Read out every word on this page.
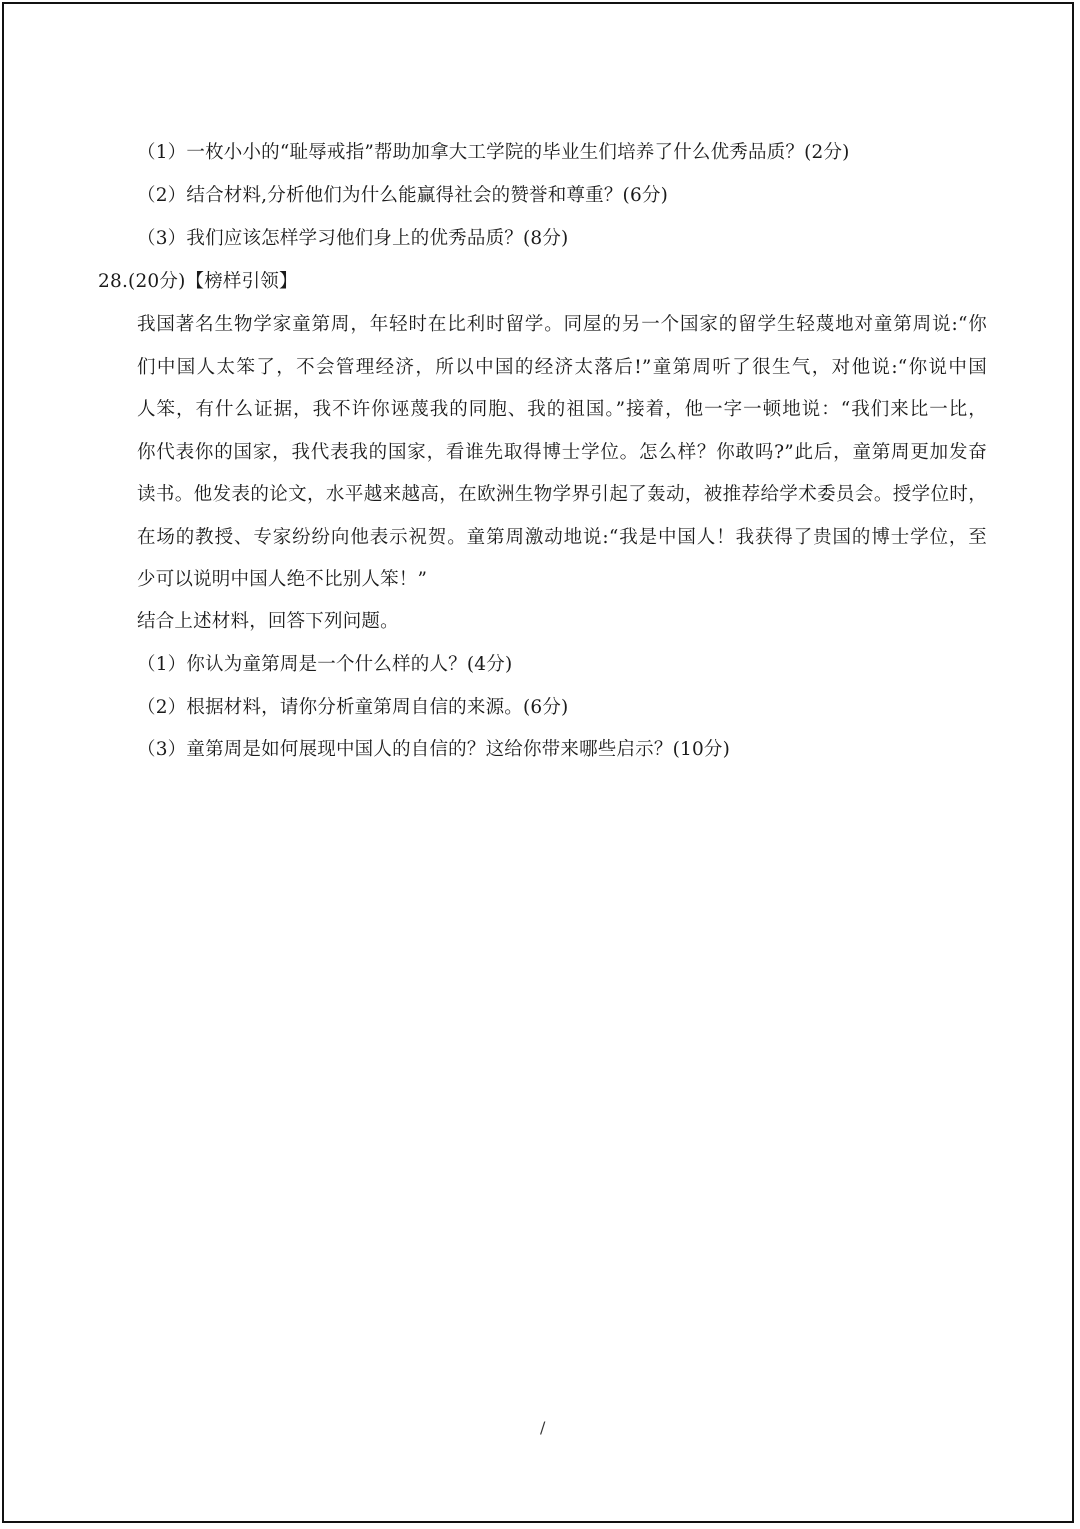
（1）一枚小小的“耻辱戒指”帮助加拿大工学院的毕业生们培养了什么优秀品质？(2分)
（2）结合材料,分析他们为什么能赢得社会的赞誉和尊重？(6分)
（3）我们应该怎样学习他们身上的优秀品质？(8分)
28.(20分)【榜样引领】
我国著名生物学家童第周，年轻时在比利时留学。同屋的另一个国家的留学生轻蔑地对童第周说:“你
们中国人太笨了，不会管理经济，所以中国的经济太落后!”童第周听了很生气，对他说:“你说中国
人笨，有什么证据，我不许你诬蔑我的同胞、我的祖国。”接着，他一字一顿地说：“我们来比一比，
你代表你的国家，我代表我的国家，看谁先取得博士学位。怎么样？你敢吗?”此后，童第周更加发奋
读书。他发表的论文，水平越来越高，在欧洲生物学界引起了轰动，被推荐给学术委员会。授学位时，
在场的教授、专家纷纷向他表示祝贺。童第周激动地说:“我是中国人！我获得了贵国的博士学位，至
少可以说明中国人绝不比别人笨！”
结合上述材料，回答下列问题。
（1）你认为童第周是一个什么样的人？(4分)
（2）根据材料，请你分析童第周自信的来源。(6分)
（3）童第周是如何展现中国人的自信的？这给你带来哪些启示？(10分)
/
